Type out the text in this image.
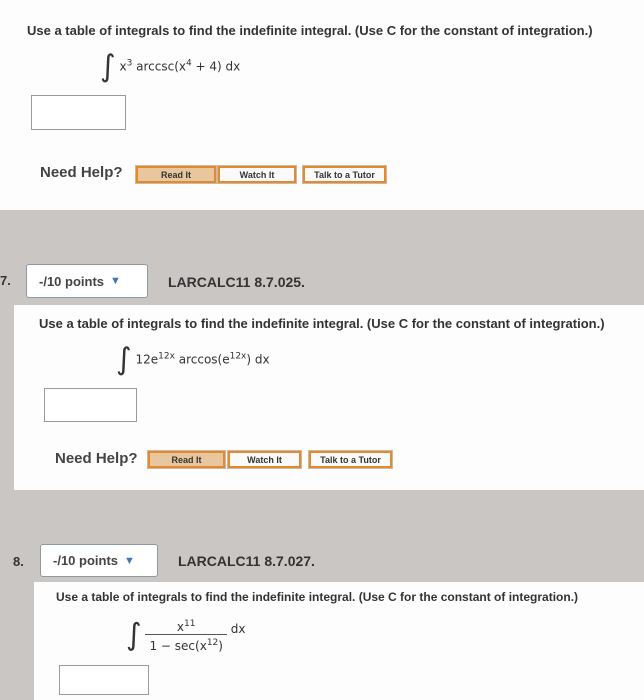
Use a table of integrals to find the indefinite integral. (Use C for the constant of integration.)
∫ $x^3$ $arccsc(x^4 + 4)$ dx
Need Help?	Read It	Watch It	Talk to a Tutor
7. -/10 points ▼	LARCALC11 8.7.025.
Use a table of integrals to find the indefinite integral. (Use C for the constant of integration.)
∫ $12e^{12x}$ $\arccos(e^{12x})$ dx
Need Help?	Read It	Watch It	Talk to a Tutor
8. -/10 points ▼	LARCALC11 8.7.027.
Use a table of integrals to find the indefinite integral. (Use C for the constant of integration.)
∫ $\frac{x^{11}}{1 - \sec(x^{12})}$ dx
